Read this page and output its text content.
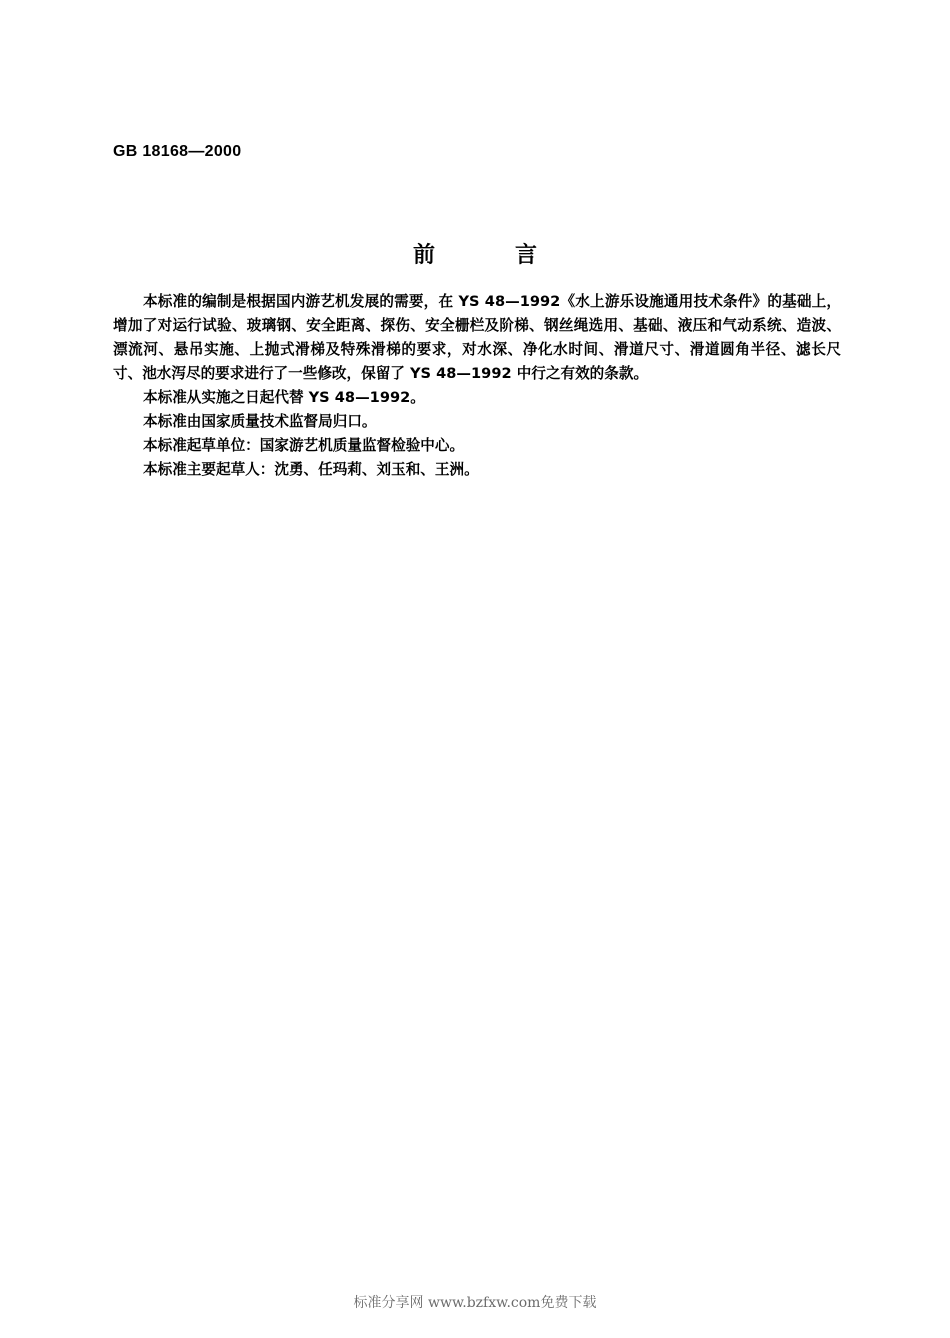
GB 18168—2000
前	言

本标准的编制是根据国内游艺机发展的需要，在 YS 48—1992《水上游乐设施通用技术条件》的基础上，增加了对运行试验、玻璃钢、安全距离、探伤、安全栅栏及阶梯、钢丝绳选用、基础、液压和气动系统、造波、漂流河、悬吊实施、上抛式滑梯及特殊滑梯的要求，对水深、净化水时间、滑道尺寸、滑道圆角半径、滤长尺寸、池水泻尽的要求进行了一些修改，保留了 YS 48—1992 中行之有效的条款。

本标准从实施之日起代替 YS 48—1992。

本标准由国家质量技术监督局归口。

本标准起草单位：国家游艺机质量监督检验中心。

本标准主要起草人：沈勇、任玛莉、刘玉和、王洲。

标准分享网 www.bzfxw.com免费下载
